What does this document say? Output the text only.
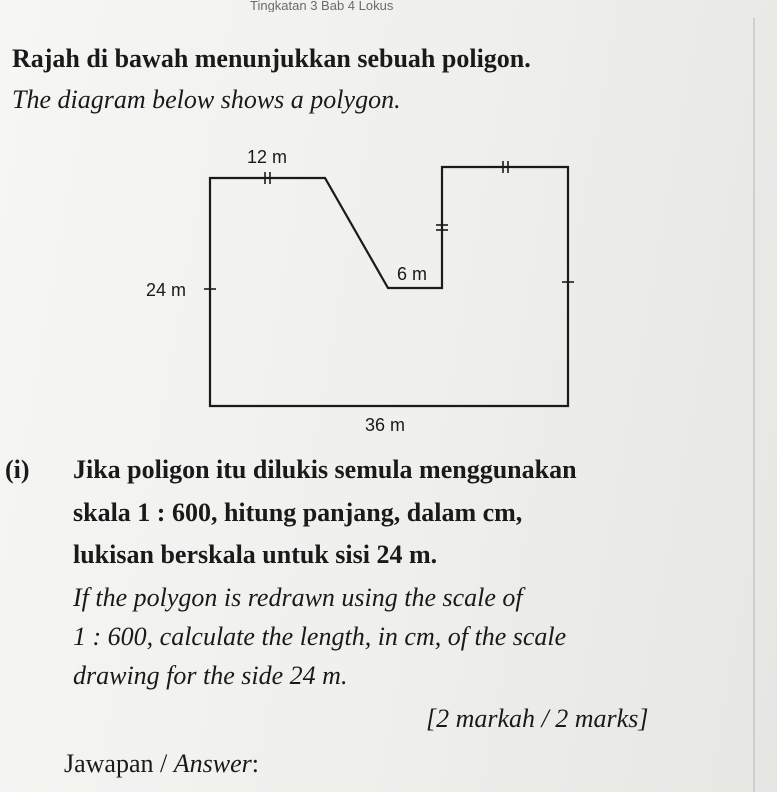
Tingkatan 3 Bab 4 Lokus

Rajah di bawah menunjukkan sebuah poligon.

The diagram below shows a polygon.

12 m
24 m
6 m
36 m

(i) Jika poligon itu dilukis semula menggunakan

skala 1 : 600, hitung panjang, dalam cm,

lukisan berskala untuk sisi 24 m.

If the polygon is redrawn using the scale of

1 : 600, calculate the length, in cm, of the scale

drawing for the side 24 m.

[2 markah / 2 marks]

Jawapan / Answer:
